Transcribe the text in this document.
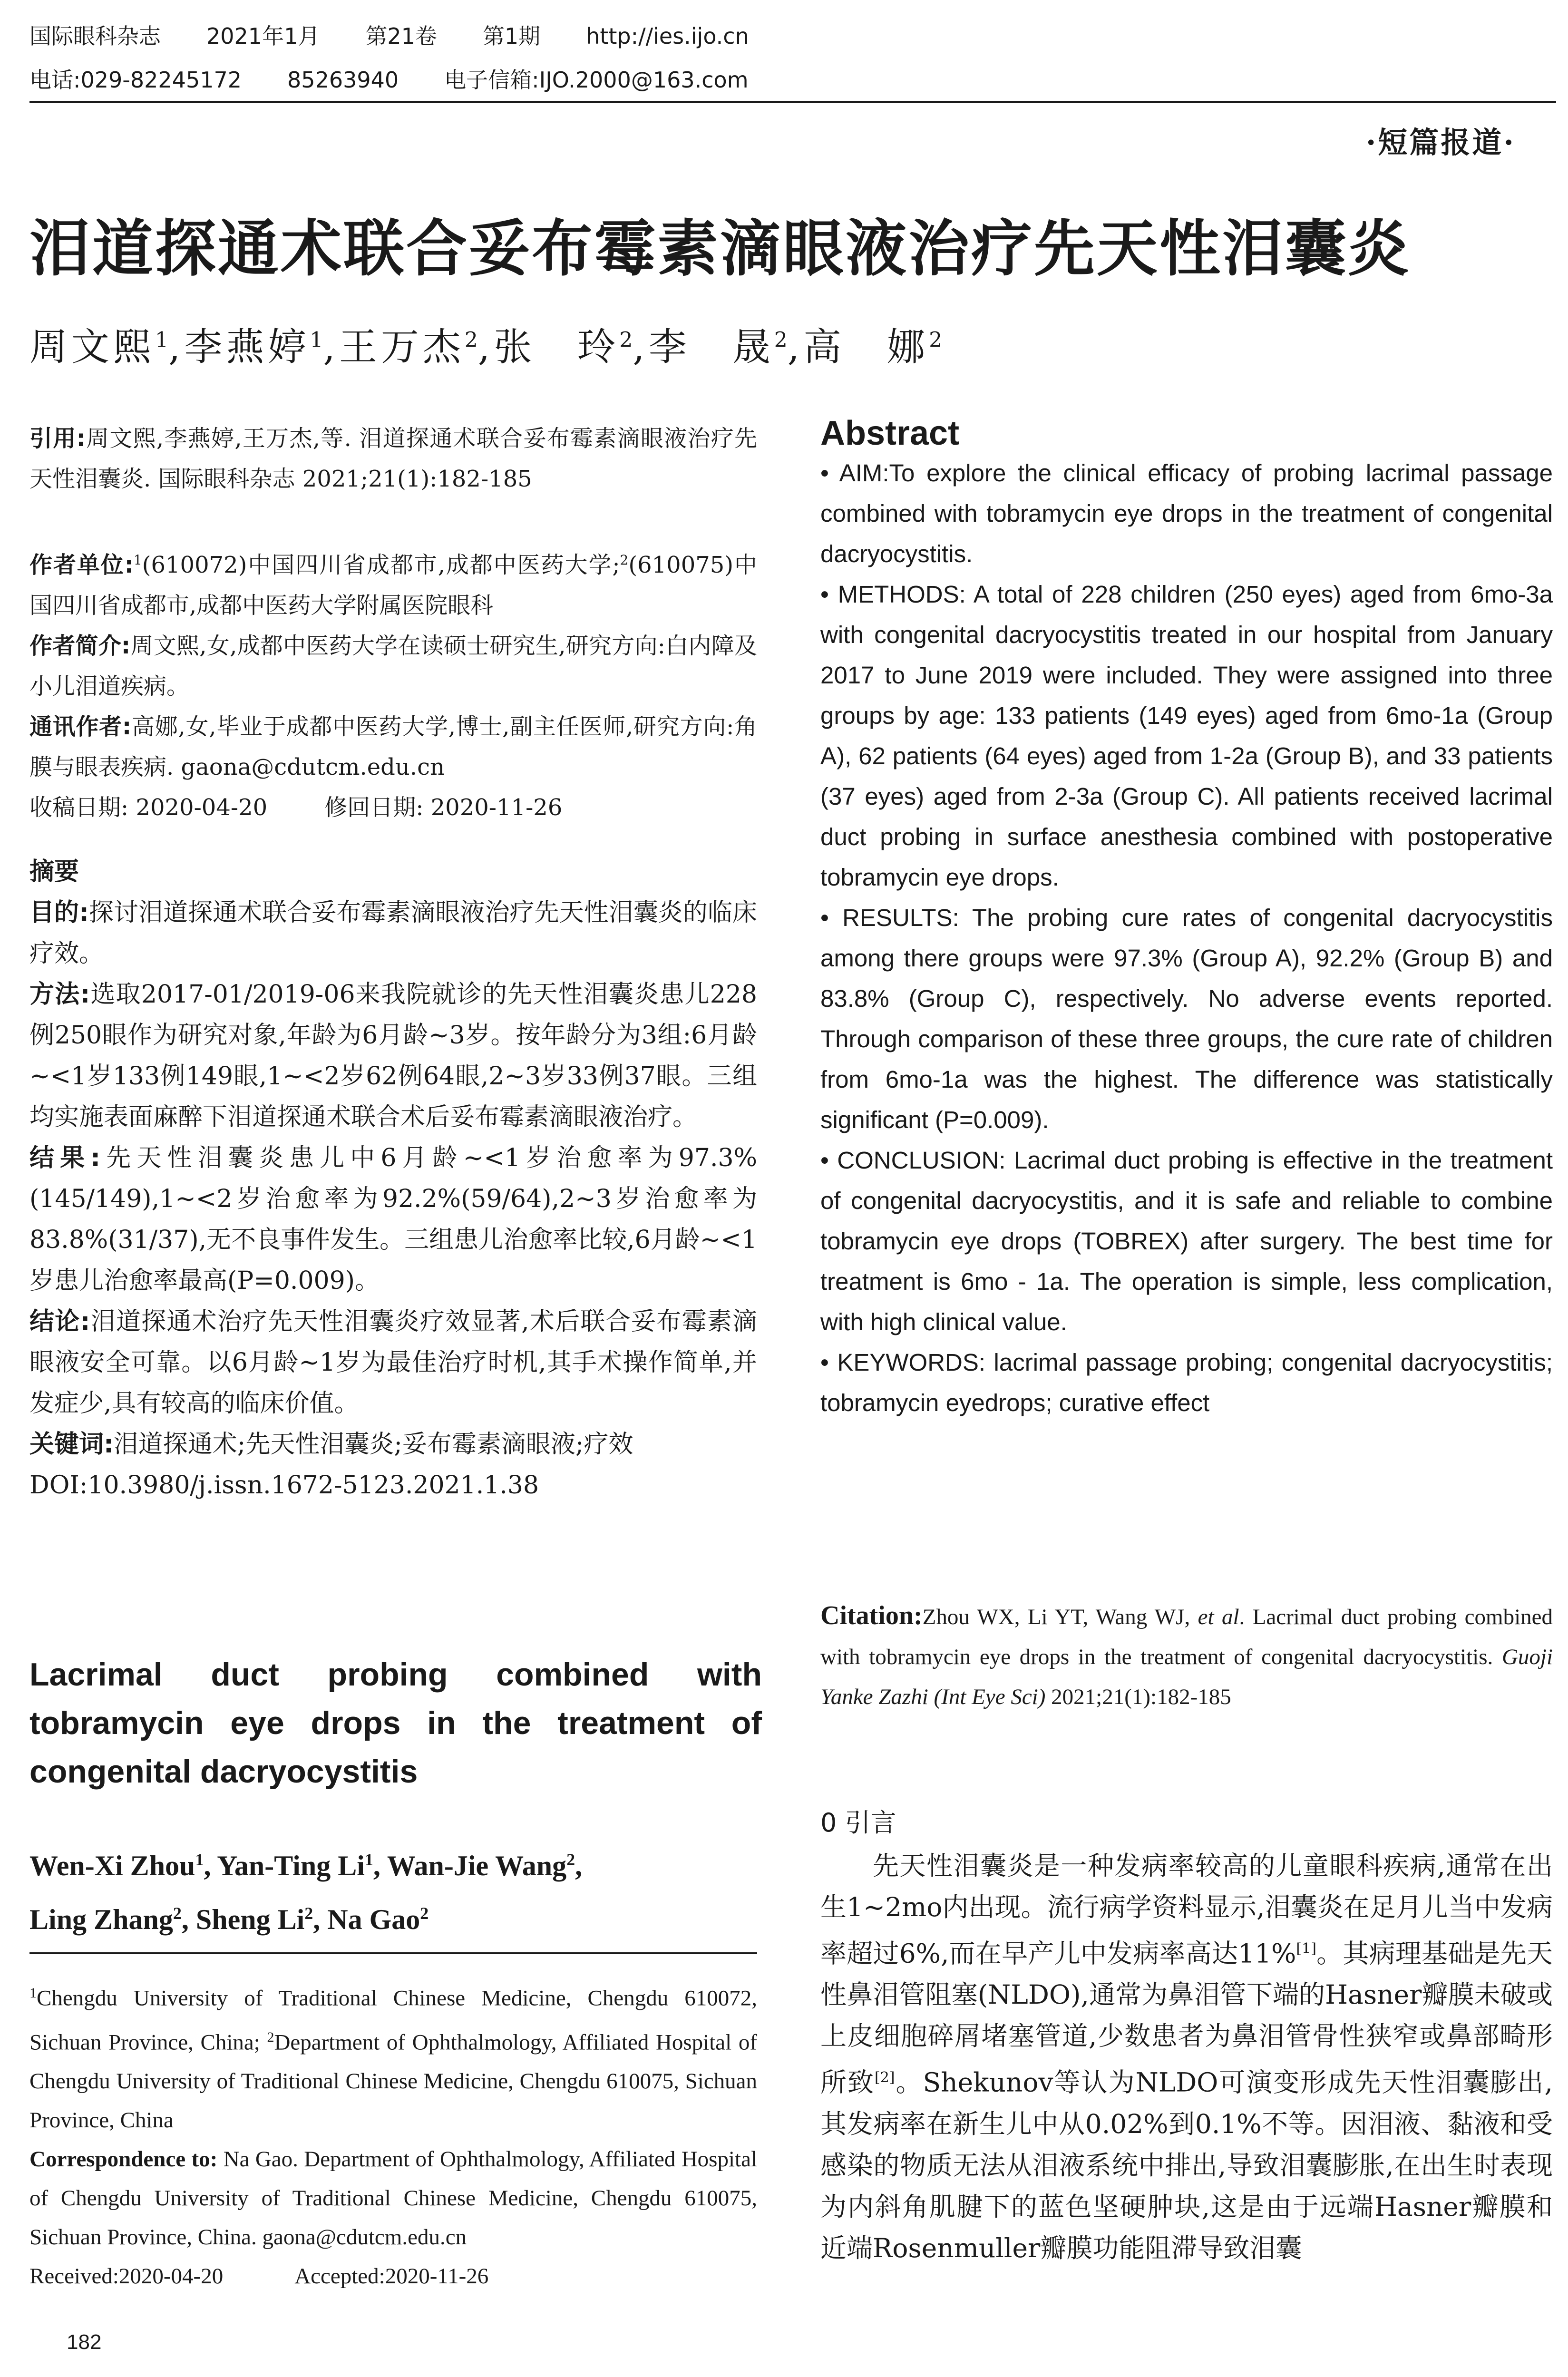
国际眼科杂志 2021年1月 第21卷 第1期 http://ies.ijo.cn
电话:029-82245172 85263940 电子信箱:IJO.2000@163.com
·短篇报道·
泪道探通术联合妥布霉素滴眼液治疗先天性泪囊炎
周文熙$^1$,李燕婷$^1$,王万杰$^2$,张　玲$^2$,李　晟$^2$,高　娜$^2$
引用:周文熙,李燕婷,王万杰,等. 泪道探通术联合妥布霉素滴眼液治疗先天性泪囊炎. 国际眼科杂志 2021;21(1):182-185
作者单位:$^1$(610072)中国四川省成都市,成都中医药大学;$^2$(610075)中国四川省成都市,成都中医药大学附属医院眼科
作者简介:周文熙,女,成都中医药大学在读硕士研究生,研究方向:白内障及小儿泪道疾病。
通讯作者:高娜,女,毕业于成都中医药大学,博士,副主任医师,研究方向:角膜与眼表疾病. gaona@cdutcm.edu.cn
收稿日期: 2020-04-20	修回日期: 2020-11-26
摘要
目的:探讨泪道探通术联合妥布霉素滴眼液治疗先天性泪囊炎的临床疗效。
方法:选取2017-01/2019-06来我院就诊的先天性泪囊炎患儿228例250眼作为研究对象,年龄为6月龄~3岁。按年龄分为3组:6月龄~<1岁133例149眼,1~<2岁62例64眼,2~3岁33例37眼。三组均实施表面麻醉下泪道探通术联合术后妥布霉素滴眼液治疗。
结果:先天性泪囊炎患儿中6月龄~<1岁治愈率为97.3%(145/149),1~<2岁治愈率为92.2%(59/64),2~3岁治愈率为83.8%(31/37),无不良事件发生。三组患儿治愈率比较,6月龄~<1岁患儿治愈率最高(P=0.009)。
结论:泪道探通术治疗先天性泪囊炎疗效显著,术后联合妥布霉素滴眼液安全可靠。以6月龄~1岁为最佳治疗时机,其手术操作简单,并发症少,具有较高的临床价值。
关键词:泪道探通术;先天性泪囊炎;妥布霉素滴眼液;疗效
DOI:10.3980/j.issn.1672-5123.2021.1.38
Lacrimal duct probing combined with tobramycin eye drops in the treatment of congenital dacryocystitis
Wen-Xi Zhou$^1$, Yan-Ting Li$^1$, Wan-Jie Wang$^2$,
Ling Zhang$^2$, Sheng Li$^2$, Na Gao$^2$
$^1$Chengdu University of Traditional Chinese Medicine, Chengdu 610072, Sichuan Province, China; $^2$Department of Ophthalmology, Affiliated Hospital of Chengdu University of Traditional Chinese Medicine, Chengdu 610075, Sichuan Province, China
Correspondence to: Na Gao. Department of Ophthalmology, Affiliated Hospital of Chengdu University of Traditional Chinese Medicine, Chengdu 610075, Sichuan Province, China. gaona@cdutcm.edu.cn
Received:2020-04-20	Accepted:2020-11-26
Abstract
• AIM:To explore the clinical efficacy of probing lacrimal passage combined with tobramycin eye drops in the treatment of congenital dacryocystitis.
• METHODS: A total of 228 children (250 eyes) aged from 6mo-3a with congenital dacryocystitis treated in our hospital from January 2017 to June 2019 were included. They were assigned into three groups by age: 133 patients (149 eyes) aged from 6mo-1a (Group A), 62 patients (64 eyes) aged from 1-2a (Group B), and 33 patients (37 eyes) aged from 2-3a (Group C). All patients received lacrimal duct probing in surface anesthesia combined with postoperative tobramycin eye drops.
• RESULTS: The probing cure rates of congenital dacryocystitis among there groups were 97.3% (Group A), 92.2% (Group B) and 83.8% (Group C), respectively. No adverse events reported. Through comparison of these three groups, the cure rate of children from 6mo-1a was the highest. The difference was statistically significant (P=0.009).
• CONCLUSION: Lacrimal duct probing is effective in the treatment of congenital dacryocystitis, and it is safe and reliable to combine tobramycin eye drops (TOBREX) after surgery. The best time for treatment is 6mo - 1a. The operation is simple, less complication, with high clinical value.
• KEYWORDS: lacrimal passage probing; congenital dacryocystitis; tobramycin eyedrops; curative effect
Citation:Zhou WX, Li YT, Wang WJ, et al. Lacrimal duct probing combined with tobramycin eye drops in the treatment of congenital dacryocystitis. Guoji Yanke Zazhi (Int Eye Sci) 2021;21(1):182-185
0 引言
先天性泪囊炎是一种发病率较高的儿童眼科疾病,通常在出生1~2mo内出现。流行病学资料显示,泪囊炎在足月儿当中发病率超过6%,而在早产儿中发病率高达11%[1]。其病理基础是先天性鼻泪管阻塞(NLDO),通常为鼻泪管下端的Hasner瓣膜未破或上皮细胞碎屑堵塞管道,少数患者为鼻泪管骨性狭窄或鼻部畸形所致[2]。Shekunov等认为NLDO可演变形成先天性泪囊膨出,其发病率在新生儿中从0.02%到0.1%不等。因泪液、黏液和受感染的物质无法从泪液系统中排出,导致泪囊膨胀,在出生时表现为内斜角肌腱下的蓝色坚硬肿块,这是由于远端Hasner瓣膜和近端Rosenmuller瓣膜功能阻滞导致泪囊
182
